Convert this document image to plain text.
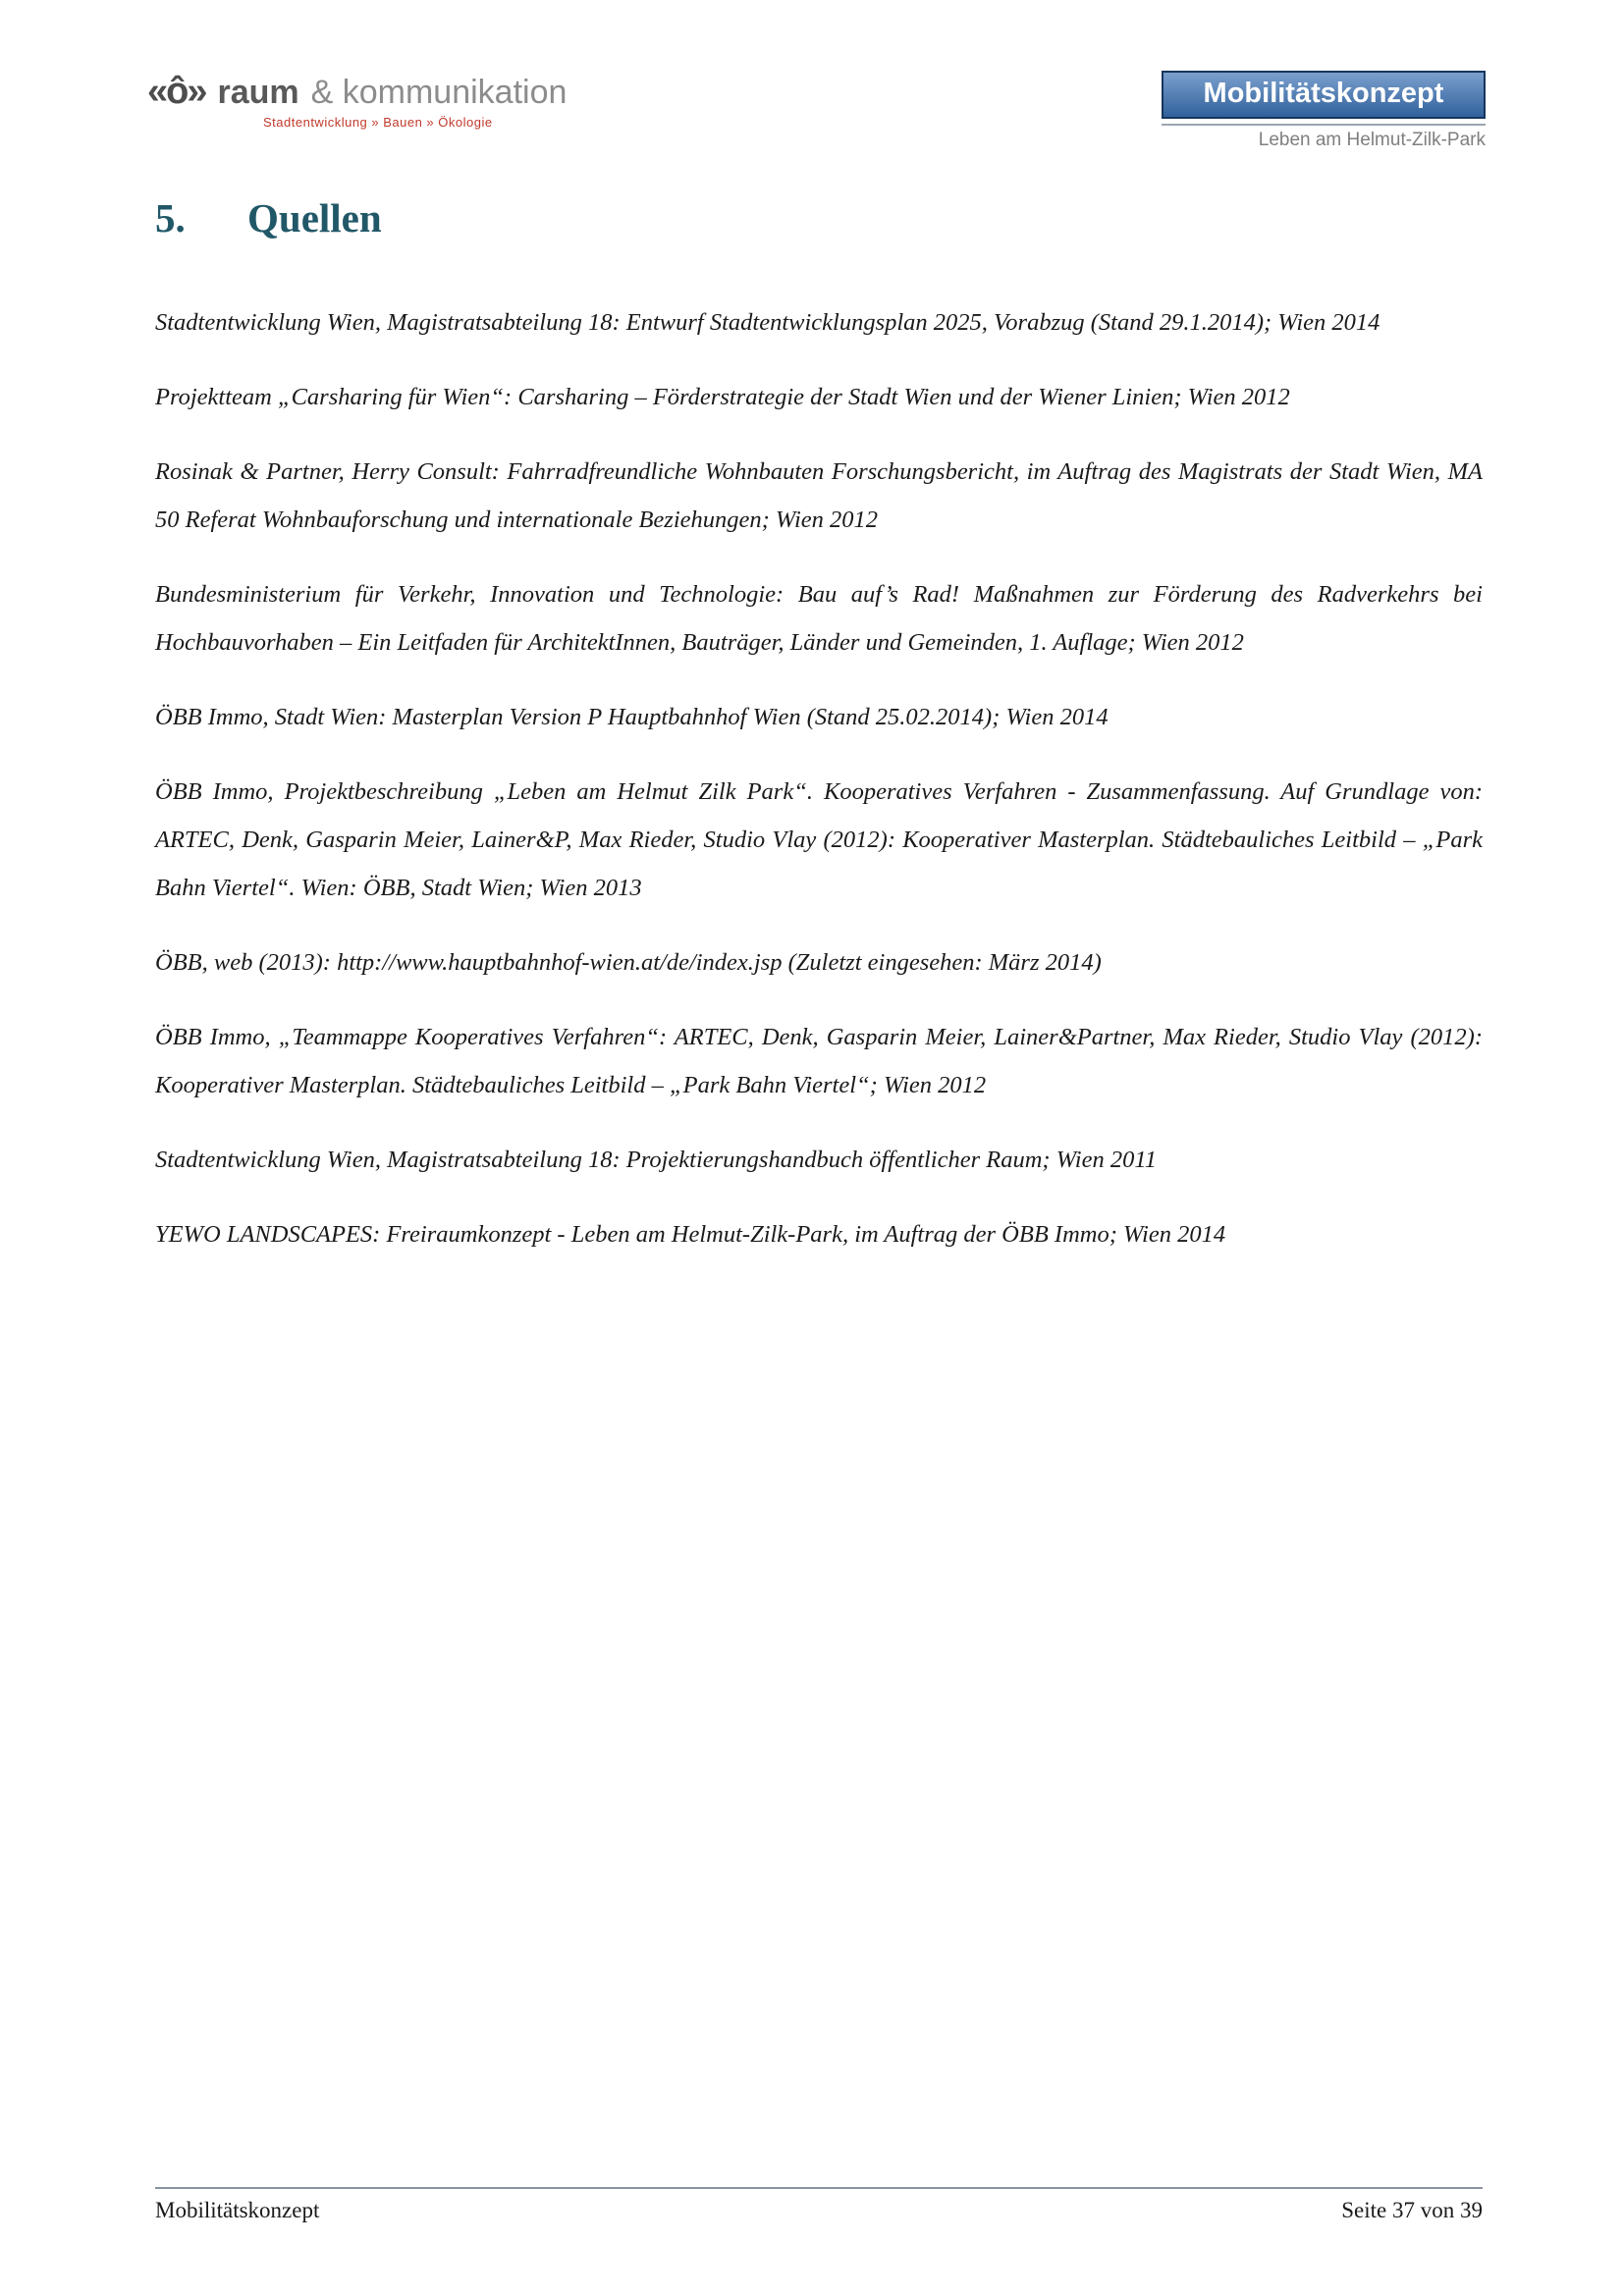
«ô» raum & kommunikation
Stadtentwicklung » Bauen » Ökologie
Mobilitätskonzept
Leben am Helmut-Zilk-Park
5.	Quellen

Stadtentwicklung Wien, Magistratsabteilung 18: Entwurf Stadtentwicklungsplan 2025, Vorabzug (Stand 29.1.2014); Wien 2014

Projektteam „Carsharing für Wien“: Carsharing – Förderstrategie der Stadt Wien und der Wiener Linien; Wien 2012

Rosinak & Partner, Herry Consult: Fahrradfreundliche Wohnbauten Forschungsbericht, im Auftrag des Magistrats der Stadt Wien, MA 50 Referat Wohnbauforschung und internationale Beziehungen; Wien 2012

Bundesministerium für Verkehr, Innovation und Technologie: Bau auf’s Rad! Maßnahmen zur Förderung des Radverkehrs bei Hochbauvorhaben – Ein Leitfaden für ArchitektInnen, Bauträger, Länder und Gemeinden, 1. Auflage; Wien 2012

ÖBB Immo, Stadt Wien: Masterplan Version P Hauptbahnhof Wien (Stand 25.02.2014); Wien 2014

ÖBB Immo, Projektbeschreibung „Leben am Helmut Zilk Park“. Kooperatives Verfahren - Zusammenfassung. Auf Grundlage von: ARTEC, Denk, Gasparin Meier, Lainer&P, Max Rieder, Studio Vlay (2012): Kooperativer Masterplan. Städtebauliches Leitbild – „Park Bahn Viertel“. Wien: ÖBB, Stadt Wien; Wien 2013

ÖBB, web (2013): http://www.hauptbahnhof-wien.at/de/index.jsp (Zuletzt eingesehen: März 2014)

ÖBB Immo, „Teammappe Kooperatives Verfahren“: ARTEC, Denk, Gasparin Meier, Lainer&Partner, Max Rieder, Studio Vlay (2012): Kooperativer Masterplan. Städtebauliches Leitbild – „Park Bahn Viertel“; Wien 2012

Stadtentwicklung Wien, Magistratsabteilung 18: Projektierungshandbuch öffentlicher Raum; Wien 2011

YEWO LANDSCAPES: Freiraumkonzept - Leben am Helmut-Zilk-Park, im Auftrag der ÖBB Immo; Wien 2014

Mobilitätskonzept	Seite 37 von 39
